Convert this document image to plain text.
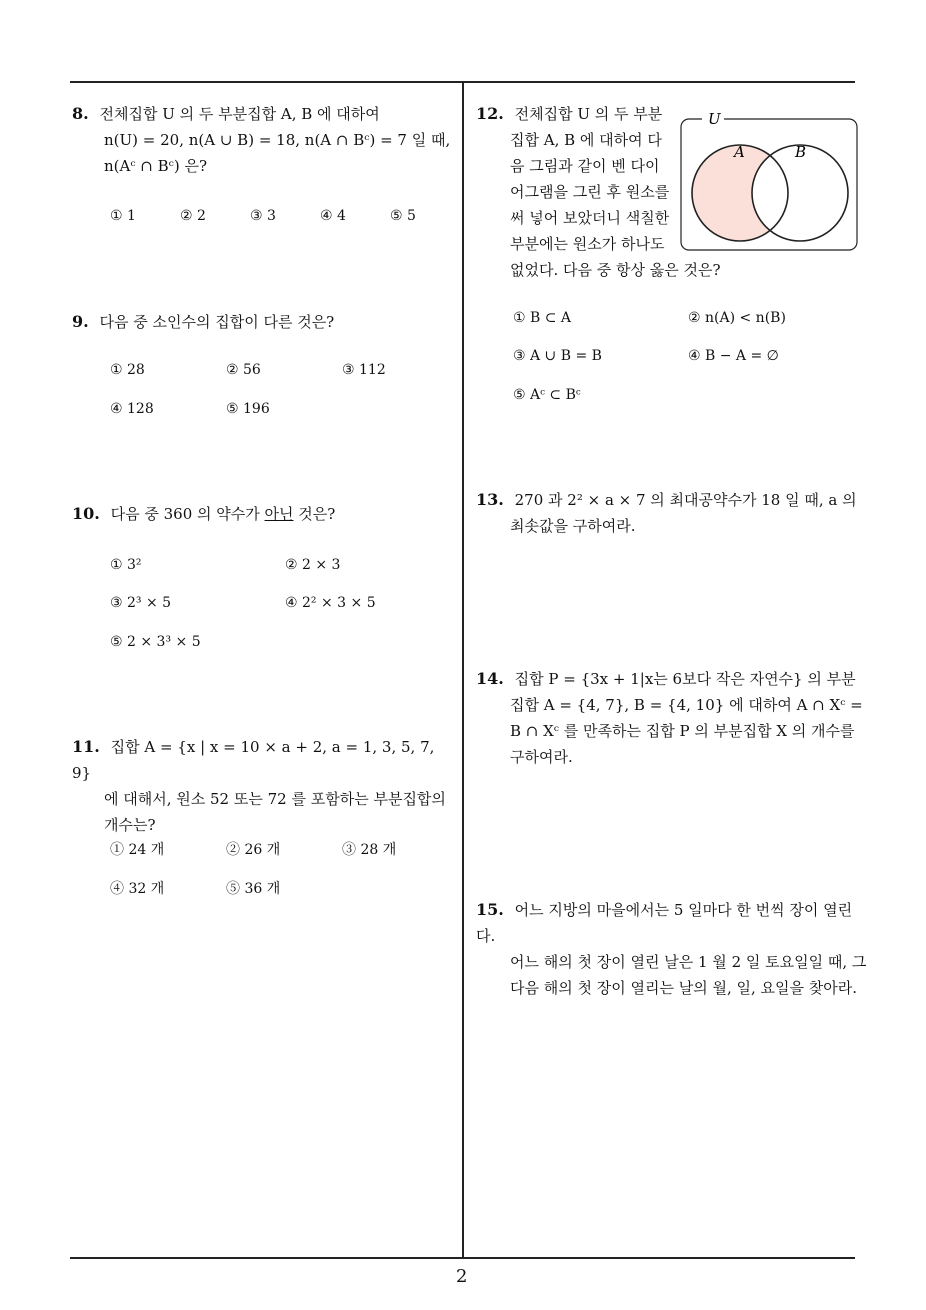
2
8. 전체집합 U 의 두 부분집합 A, B 에 대하여
n(U) = 20, n(A ∪ B) = 18, n(A ∩ Bᶜ) = 7 일 때,
n(Aᶜ ∩ Bᶜ) 은?
① 1	② 2	③ 3	④ 4	⑤ 5
9. 다음 중 소인수의 집합이 다른 것은?
① 28	② 56	③ 112
④ 128	⑤ 196
10. 다음 중 360 의 약수가 아닌 것은?
① 3²	② 2 × 3
③ 2³ × 5	④ 2² × 3 × 5
⑤ 2 × 3³ × 5
11. 집합 A = {x | x = 10 × a + 2, a = 1, 3, 5, 7, 9}
에 대해서, 원소 52 또는 72 를 포함하는 부분집합의
개수는?
① 24 개	② 26 개	③ 28 개
④ 32 개	⑤ 36 개
12. 전체집합 U 의 두 부분
집합 A, B 에 대하여 다
음 그림과 같이 벤 다이
어그램을 그린 후 원소를
써 넣어 보았더니 색칠한
부분에는 원소가 하나도
없었다. 다음 중 항상 옳은 것은?
U
A	B
① B ⊂ A	② n(A) < n(B)
③ A ∪ B = B	④ B − A = ∅
⑤ Aᶜ ⊂ Bᶜ
13. 270 과 2² × a × 7 의 최대공약수가 18 일 때, a 의
최솟값을 구하여라.
14. 집합 P = {3x + 1|x는 6보다 작은 자연수} 의 부분
집합 A = {4, 7}, B = {4, 10} 에 대하여 A ∩ Xᶜ =
B ∩ Xᶜ 를 만족하는 집합 P 의 부분집합 X 의 개수를
구하여라.
15. 어느 지방의 마을에서는 5 일마다 한 번씩 장이 열린다.
어느 해의 첫 장이 열린 날은 1 월 2 일 토요일일 때, 그
다음 해의 첫 장이 열리는 날의 월, 일, 요일을 찾아라.
